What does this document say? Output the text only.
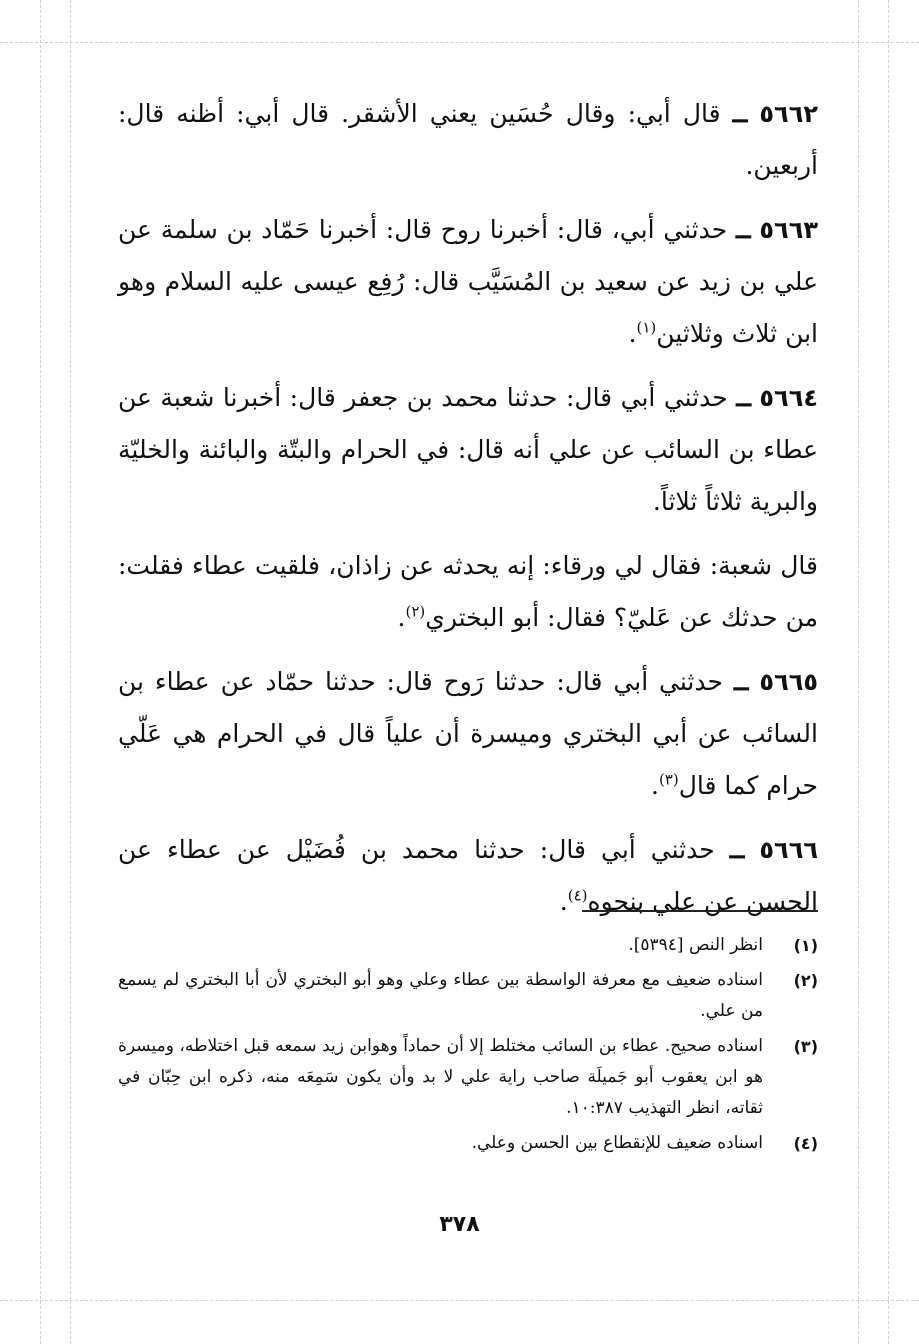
٥٦٦٢ ــ قال أبي: وقال حُسَين يعني الأشقر. قال أبي: أظنه قال: أربعين.

٥٦٦٣ ــ حدثني أبي، قال: أخبرنا روح قال: أخبرنا حَمّاد بن سلمة عن علي بن زيد عن سعيد بن المُسَيَّب قال: رُفِع عيسى عليه السلام وهو ابن ثلاث وثلاثين$^{(١)}$.

٥٦٦٤ ــ حدثني أبي قال: حدثنا محمد بن جعفر قال: أخبرنا شعبة عن عطاء بن السائب عن علي أنه قال: في الحرام والبتّة والبائنة والخليّة والبرية ثلاثاً ثلاثاً.

قال شعبة: فقال لي ورقاء: إنه يحدثه عن زاذان، فلقيت عطاء فقلت: من حدثك عن عَليّ؟ فقال: أبو البختري$^{(٢)}$.

٥٦٦٥ ــ حدثني أبي قال: حدثنا رَوح قال: حدثنا حمّاد عن عطاء بن السائب عن أبي البختري وميسرة أن علياً قال في الحرام هي عَلّي حرام كما قال$^{(٣)}$.

٥٦٦٦ ــ حدثني أبي قال: حدثنا محمد بن فُضَيْل عن عطاء عن الحسن عن علي بنحوه$^{(٤)}$.

(١)
انظر النص [٥٣٩٤].
(٢)
اسناده ضعيف مع معرفة الواسطة بين عطاء وعلي وهو أبو البختري لأن أبا البختري لم يسمع من علي.
(٣)
اسناده صحيح. عطاء بن السائب مختلط إلا أن حماداً وهوابن زيد سمعه قبل اختلاطه، وميسرة هو ابن يعقوب أبو جَميلَة صاحب راية علي لا بد وأن يكون سَمِعَه منه، ذكره ابن حِبّان في ثقاته، انظر التهذيب ١٠:٣٨٧.
(٤)
اسناده ضعيف للإنقطاع بين الحسن وعلي.
٣٧٨
